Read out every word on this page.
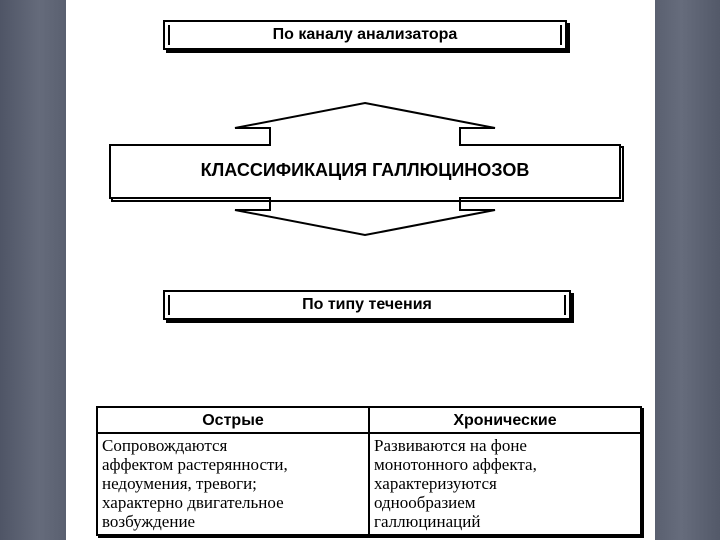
По каналу анализатора
КЛАССИФИКАЦИЯ ГАЛЛЮЦИНОЗОВ
По типу течения
Острые	Хронические
Сопровождаются
аффектом растерянности,
недоумения, тревоги;
характерно двигательное
возбуждение
Развиваются на фоне
монотонного аффекта,
характеризуются
однообразием
галлюцинаций
